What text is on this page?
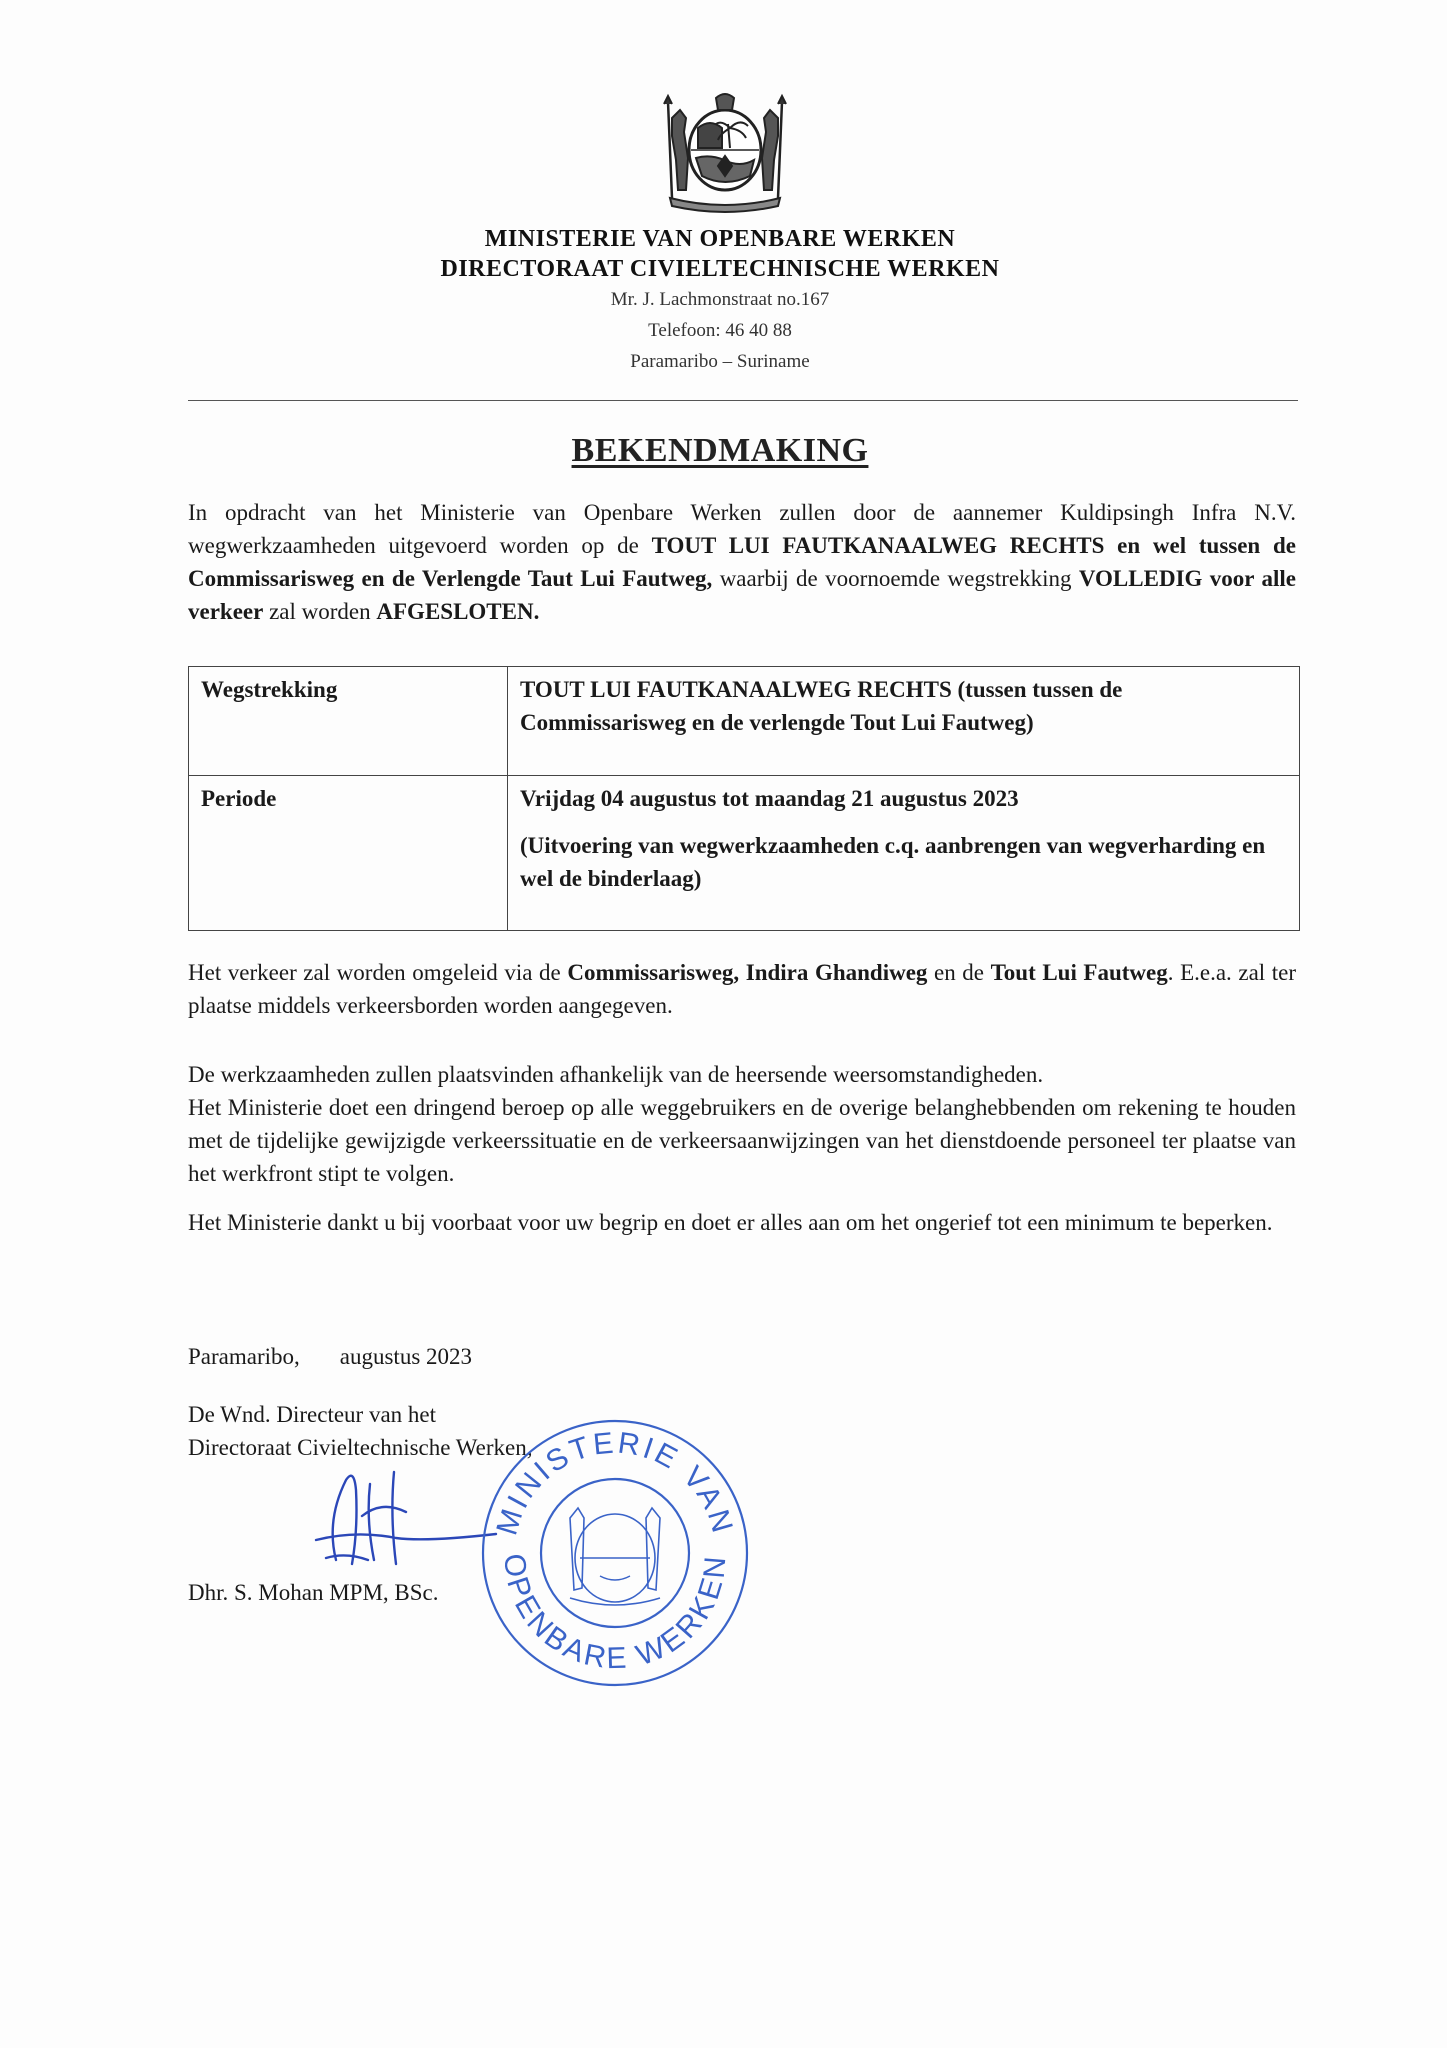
MINISTERIE VAN OPENBARE WERKEN
DIRECTORAAT CIVIELTECHNISCHE WERKEN
Mr. J. Lachmonstraat no.167
Telefoon: 46 40 88
Paramaribo – Suriname
BEKENDMAKING
In opdracht van het Ministerie van Openbare Werken zullen door de aannemer Kuldipsingh Infra N.V. wegwerkzaamheden uitgevoerd worden op de TOUT LUI FAUTKANAALWEG RECHTS en wel tussen de Commissarisweg en de Verlengde Taut Lui Fautweg, waarbij de voornoemde wegstrekking VOLLEDIG voor alle verkeer zal worden AFGESLOTEN.
Wegstrekking	TOUT LUI FAUTKANAALWEG RECHTS (tussen tussen de Commissarisweg en de verlengde Tout Lui Fautweg)
Periode	Vrijdag 04 augustus tot maandag 21 augustus 2023
(Uitvoering van wegwerkzaamheden c.q. aanbrengen van wegverharding en wel de binderlaag)
Het verkeer zal worden omgeleid via de Commissarisweg, Indira Ghandiweg en de Tout Lui Fautweg. E.e.a. zal ter plaatse middels verkeersborden worden aangegeven.
De werkzaamheden zullen plaatsvinden afhankelijk van de heersende weersomstandigheden.
Het Ministerie doet een dringend beroep op alle weggebruikers en de overige belanghebbenden om rekening te houden met de tijdelijke gewijzigde verkeerssituatie en de verkeersaanwijzingen van het dienstdoende personeel ter plaatse van het werkfront stipt te volgen.
Het Ministerie dankt u bij voorbaat voor uw begrip en doet er alles aan om het ongerief tot een minimum te beperken.
Paramaribo, augustus 2023
De Wnd. Directeur van het
Directoraat Civieltechnische Werken,
Dhr. S. Mohan MPM, BSc.
MINISTERIE VAN
OPENBARE WERKEN
